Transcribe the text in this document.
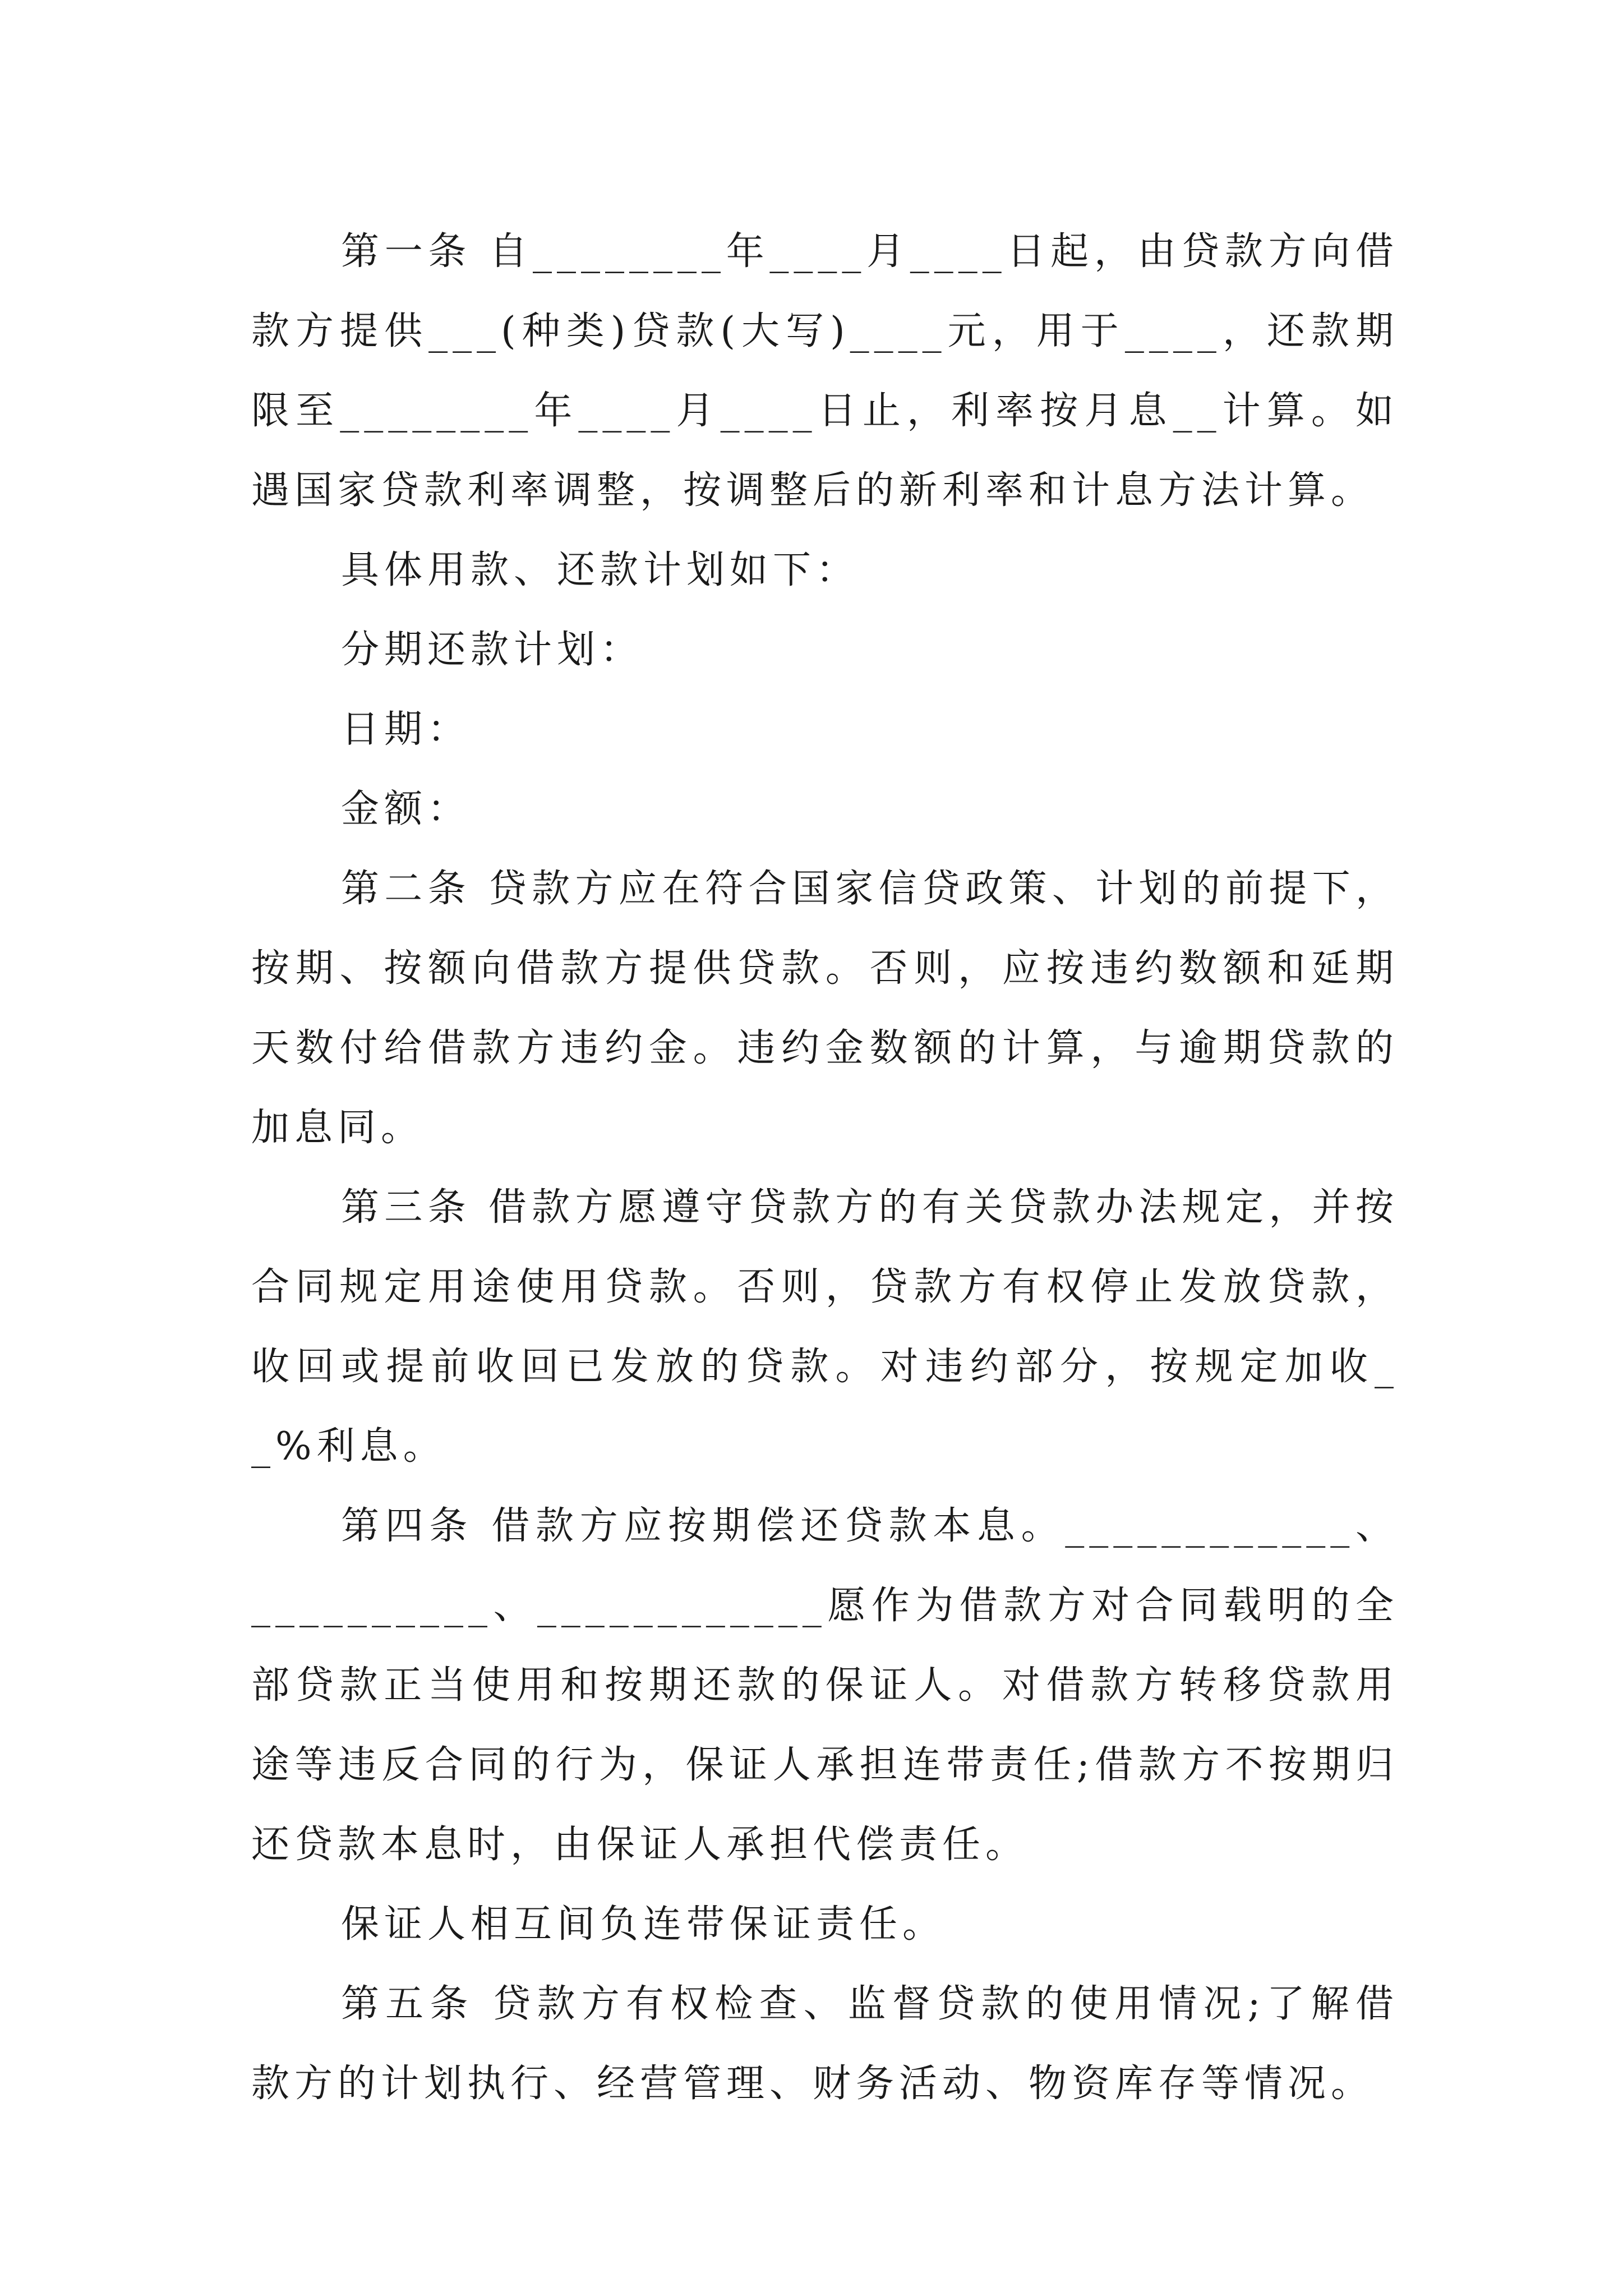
第一条 自________年____月____日起，由贷款方向借款方提供___(种类)贷款(大写)____元，用于____，还款期限至________年____月____日止，利率按月息__计算。如遇国家贷款利率调整，按调整后的新利率和计息方法计算。

具体用款、还款计划如下：

分期还款计划：

日期：

金额：

第二条 贷款方应在符合国家信贷政策、计划的前提下，按期、按额向借款方提供贷款。否则，应按违约数额和延期天数付给借款方违约金。违约金数额的计算，与逾期贷款的加息同。

第三条 借款方愿遵守贷款方的有关贷款办法规定，并按合同规定用途使用贷款。否则，贷款方有权停止发放贷款，收回或提前收回已发放的贷款。对违约部分，按规定加收__%利息。

第四条 借款方应按期偿还贷款本息。____________、__________、____________愿作为借款方对合同载明的全部贷款正当使用和按期还款的保证人。对借款方转移贷款用途等违反合同的行为，保证人承担连带责任;借款方不按期归还贷款本息时，由保证人承担代偿责任。

保证人相互间负连带保证责任。

第五条 贷款方有权检查、监督贷款的使用情况;了解借款方的计划执行、经营管理、财务活动、物资库存等情况。
